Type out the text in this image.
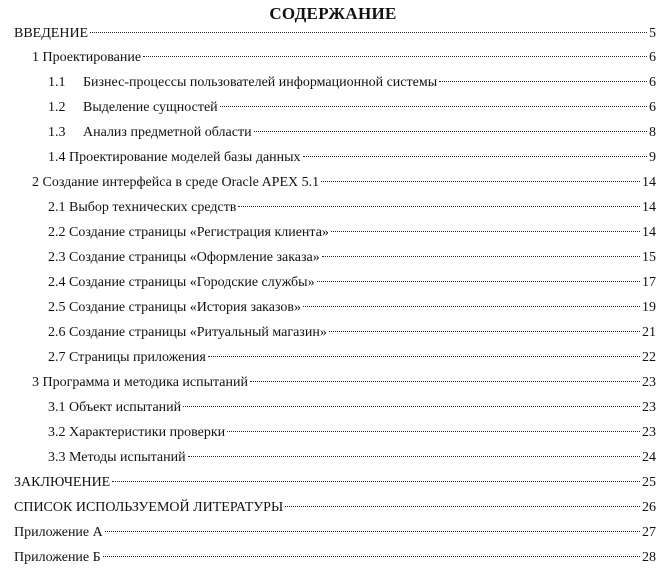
СОДЕРЖАНИЕ
ВВЕДЕНИЕ	5
1 Проектирование	6
1.1	Бизнес-процессы пользователей информационной системы	6
1.2	Выделение сущностей	6
1.3	Анализ предметной области	8
1.4 Проектирование моделей базы данных	9
2 Создание интерфейса в среде Oracle APEX 5.1	14
2.1 Выбор технических средств	14
2.2 Создание страницы «Регистрация клиента»	14
2.3 Создание страницы «Оформление заказа»	15
2.4 Создание страницы «Городские службы»	17
2.5 Создание страницы «История заказов»	19
2.6 Создание страницы «Ритуальный магазин»	21
2.7 Страницы приложения	22
3 Программа и методика испытаний	23
3.1 Объект испытаний	23
3.2 Характеристики проверки	23
3.3 Методы испытаний	24
ЗАКЛЮЧЕНИЕ	25
СПИСОК ИСПОЛЬЗУЕМОЙ ЛИТЕРАТУРЫ	26
Приложение А	27
Приложение Б	28
